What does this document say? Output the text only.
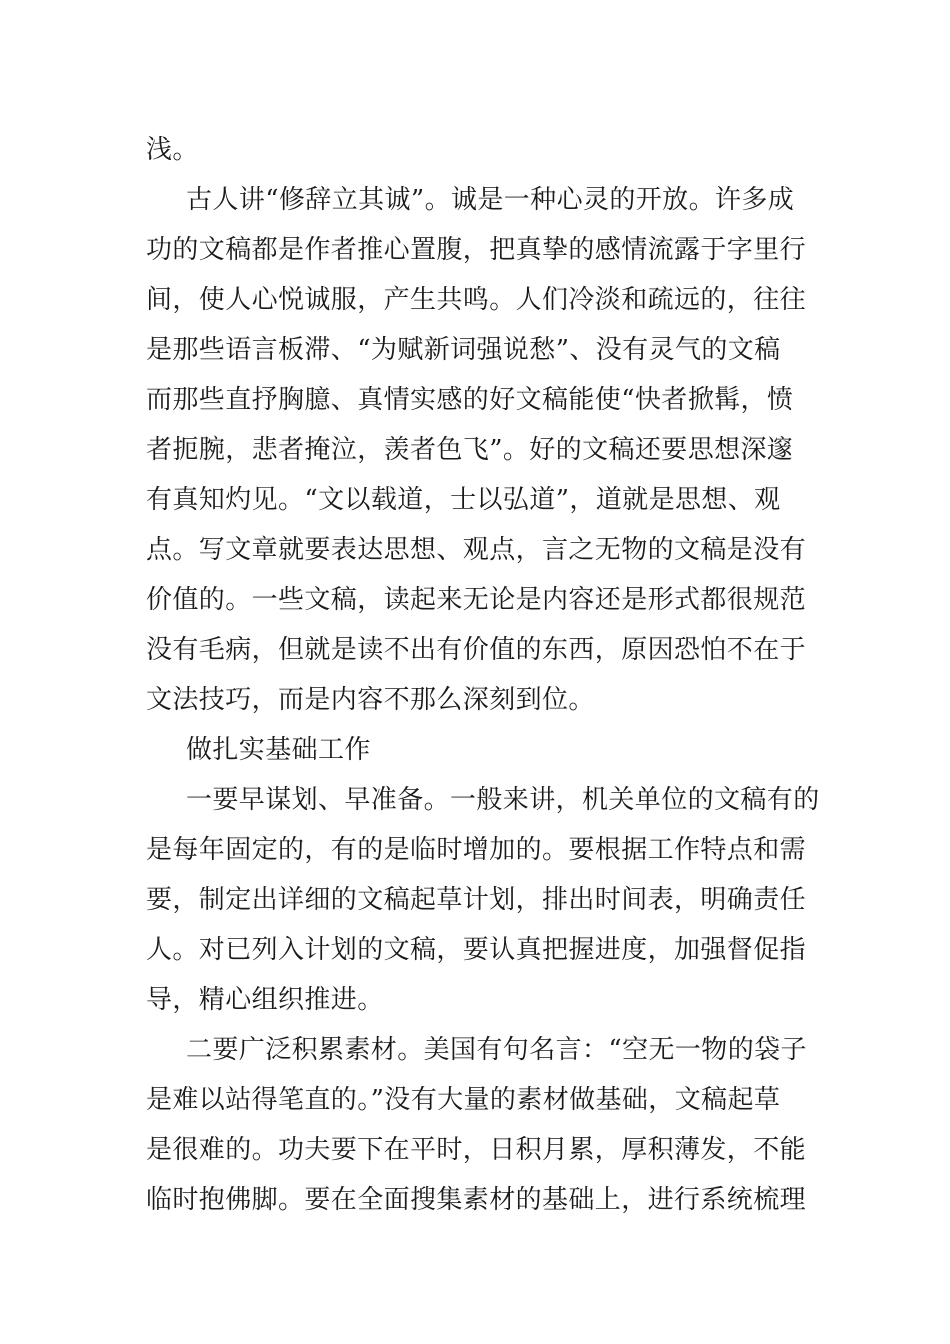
浅。
古人讲“修辞立其诚”。诚是一种心灵的开放。许多成
功的文稿都是作者推心置腹，把真挚的感情流露于字里行
间，使人心悦诚服，产生共鸣。人们冷淡和疏远的，往往
是那些语言板滞、“为赋新词强说愁”、没有灵气的文稿
而那些直抒胸臆、真情实感的好文稿能使“快者掀髯，愤
者扼腕，悲者掩泣，羡者色飞”。好的文稿还要思想深邃
有真知灼见。“文以载道，士以弘道”，道就是思想、观
点。写文章就要表达思想、观点，言之无物的文稿是没有
价值的。一些文稿，读起来无论是内容还是形式都很规范
没有毛病，但就是读不出有价值的东西，原因恐怕不在于
文法技巧，而是内容不那么深刻到位。
做扎实基础工作
一要早谋划、早准备。一般来讲，机关单位的文稿有的
是每年固定的，有的是临时增加的。要根据工作特点和需
要，制定出详细的文稿起草计划，排出时间表，明确责任
人。对已列入计划的文稿，要认真把握进度，加强督促指
导，精心组织推进。
二要广泛积累素材。美国有句名言：“空无一物的袋子
是难以站得笔直的。”没有大量的素材做基础，文稿起草
是很难的。功夫要下在平时，日积月累，厚积薄发，不能
临时抱佛脚。要在全面搜集素材的基础上，进行系统梳理
